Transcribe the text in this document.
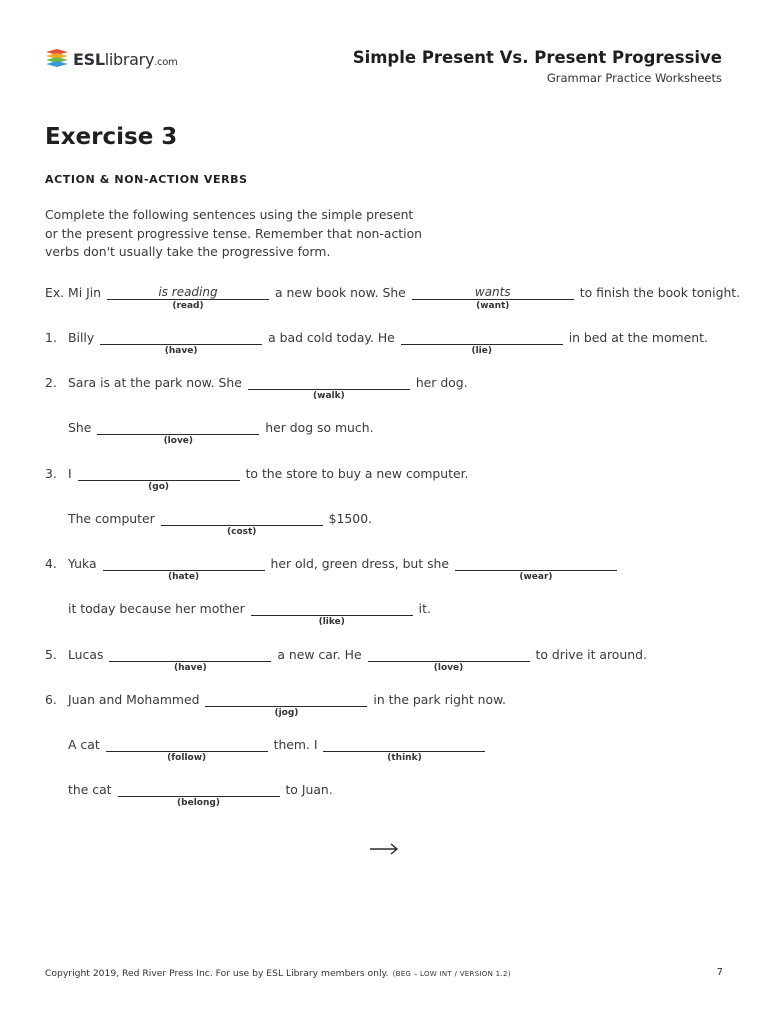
ESLlibrary.com	Simple Present Vs. Present Progressive
Grammar Practice Worksheets
Exercise 3
ACTION & NON-ACTION VERBS
Complete the following sentences using the simple present or the present progressive tense. Remember that non-action verbs don't usually take the progressive form.
Ex. Mi Jin	is reading
(read)
a new book now. She	wants
(want)
to finish the book tonight.
1. Billy
(have)
a bad cold today. He
(lie)
in bed at the moment.
2. Sara is at the park now. She
(walk)
her dog.
She
(love)
her dog so much.
3. I
(go)
to the store to buy a new computer.
The computer
(cost)
$1500.
4. Yuka
(hate)
her old, green dress, but she
(wear)
it today because her mother
(like)
it.
5. Lucas
(have)
a new car. He
(love)
to drive it around.
6. Juan and Mohammed
(jog)
in the park right now.
A cat
(follow)
them. I
(think)
the cat
(belong)
to Juan.
Copyright 2019, Red River Press Inc. For use by ESL Library members only. (BEG – LOW INT / VERSION 1.2)	7
